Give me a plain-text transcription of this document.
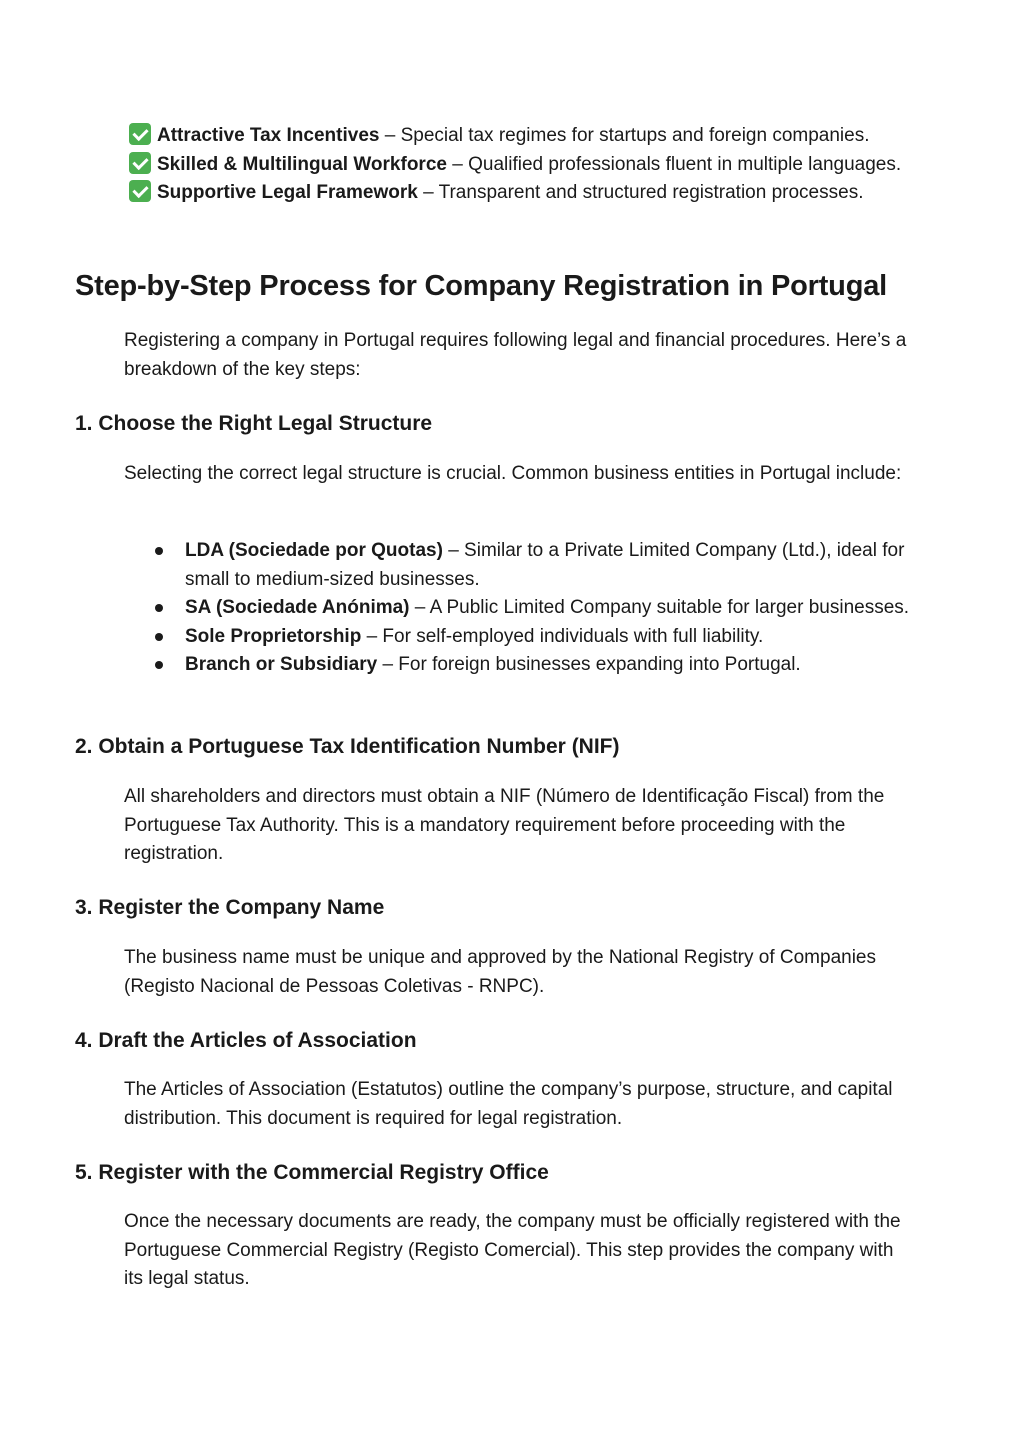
Attractive Tax Incentives – Special tax regimes for startups and foreign companies.

Skilled & Multilingual Workforce – Qualified professionals fluent in multiple languages.

Supportive Legal Framework – Transparent and structured registration processes.

Step-by-Step Process for Company Registration in Portugal

Registering a company in Portugal requires following legal and financial procedures. Here’s a breakdown of the key steps:

1. Choose the Right Legal Structure

Selecting the correct legal structure is crucial. Common business entities in Portugal include:

LDA (Sociedade por Quotas) – Similar to a Private Limited Company (Ltd.), ideal for small to medium-sized businesses.
SA (Sociedade Anónima) – A Public Limited Company suitable for larger businesses.
Sole Proprietorship – For self-employed individuals with full liability.
Branch or Subsidiary – For foreign businesses expanding into Portugal.
2. Obtain a Portuguese Tax Identification Number (NIF)

All shareholders and directors must obtain a NIF (Número de Identificação Fiscal) from the Portuguese Tax Authority. This is a mandatory requirement before proceeding with the registration.

3. Register the Company Name

The business name must be unique and approved by the National Registry of Companies (Registo Nacional de Pessoas Coletivas - RNPC).

4. Draft the Articles of Association

The Articles of Association (Estatutos) outline the company’s purpose, structure, and capital distribution. This document is required for legal registration.

5. Register with the Commercial Registry Office

Once the necessary documents are ready, the company must be officially registered with the Portuguese Commercial Registry (Registo Comercial). This step provides the company with its legal status.
